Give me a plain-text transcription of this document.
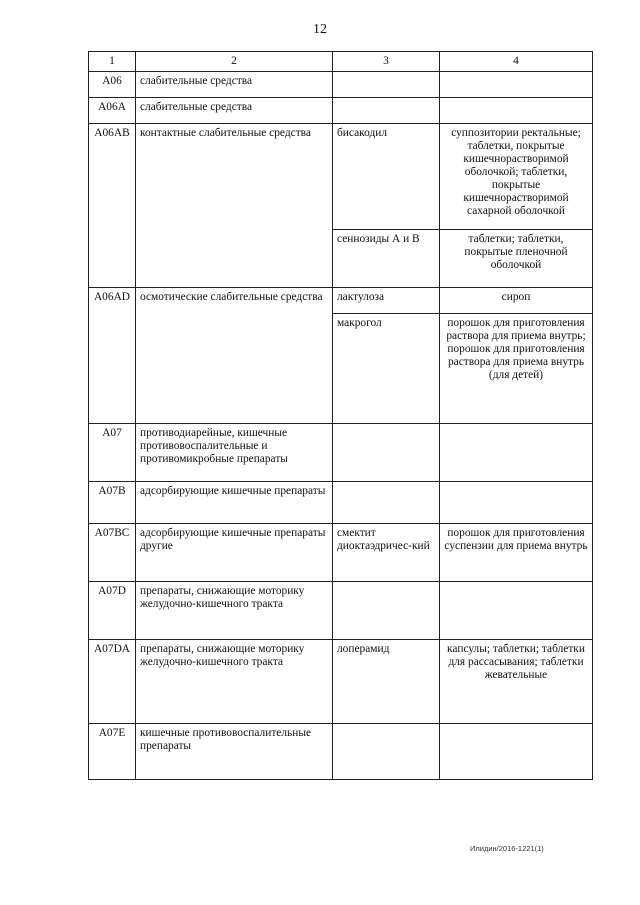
12
1	2	3	4
A06	слабительные средства		
A06A	слабительные средства		
A06AB	контактные слабительные средства	бисакодил	суппозитории ректальные; таблетки, покрытые кишечнорастворимой оболочкой; таблетки, покрытые кишечнорастворимой сахарной оболочкой
		сеннозиды А и В	таблетки; таблетки, покрытые пленочной оболочкой
A06AD	осмотические слабительные средства	лактулоза	сироп
		макрогол	порошок для приготовления раствора для приема внутрь; порошок для приготовления раствора для приема внутрь (для детей)
A07	противодиарейные, кишечные противовоспалительные и противомикробные препараты		
A07B	адсорбирующие кишечные препараты		
A07BC	адсорбирующие кишечные препараты другие	смектит диоктаэдричес-кий	порошок для приготовления суспензии для приема внутрь
A07D	препараты, снижающие моторику желудочно-кишечного тракта		
A07DA	препараты, снижающие моторику желудочно-кишечного тракта	лоперамид	капсулы; таблетки; таблетки для рассасывания; таблетки жевательные
A07E	кишечные противовоспалительные препараты		
Илидин/2016-1221(1)
